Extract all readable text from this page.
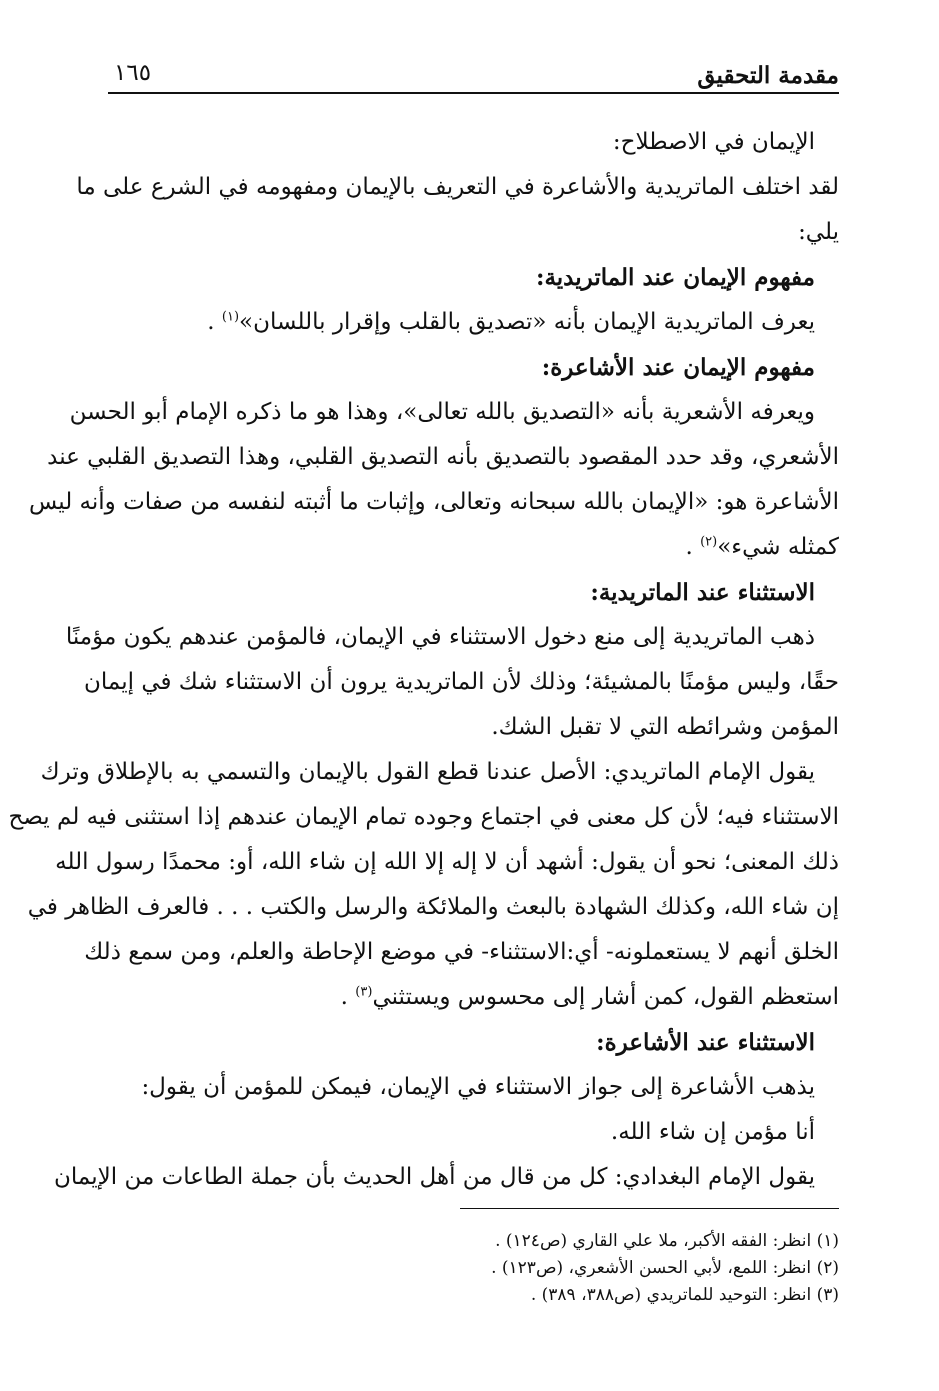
مقدمة التحقيق
١٦٥
الإيمان في الاصطلاح:
لقد اختلف الماتريدية والأشاعرة في التعريف بالإيمان ومفهومه في الشرع على ما
يلي:
مفهوم الإيمان عند الماتريدية:
يعرف الماتريدية الإيمان بأنه «تصديق بالقلب وإقرار باللسان»$^{(١)}$ .
مفهوم الإيمان عند الأشاعرة:
ويعرفه الأشعرية بأنه «التصديق بالله تعالى»، وهذا هو ما ذكره الإمام أبو الحسن
الأشعري، وقد حدد المقصود بالتصديق بأنه التصديق القلبي، وهذا التصديق القلبي عند
الأشاعرة هو: «الإيمان بالله سبحانه وتعالى، وإثبات ما أثبته لنفسه من صفات وأنه ليس
كمثله شيء»$^{(٢)}$ .
الاستثناء عند الماتريدية:
ذهب الماتريدية إلى منع دخول الاستثناء في الإيمان، فالمؤمن عندهم يكون مؤمنًا
حقًا، وليس مؤمنًا بالمشيئة؛ وذلك لأن الماتريدية يرون أن الاستثناء شك في إيمان
المؤمن وشرائطه التي لا تقبل الشك.
يقول الإمام الماتريدي: الأصل عندنا قطع القول بالإيمان والتسمي به بالإطلاق وترك
الاستثناء فيه؛ لأن كل معنى في اجتماع وجوده تمام الإيمان عندهم إذا استثنى فيه لم يصح
ذلك المعنى؛ نحو أن يقول: أشهد أن لا إله إلا الله إن شاء الله، أو: محمدًا رسول الله
إن شاء الله، وكذلك الشهادة بالبعث والملائكة والرسل والكتب . . . فالعرف الظاهر في
الخلق أنهم لا يستعملونه- أي:الاستثناء- في موضع الإحاطة والعلم، ومن سمع ذلك
استعظم القول، كمن أشار إلى محسوس ويستثني$^{(٣)}$ .
الاستثناء عند الأشاعرة:
يذهب الأشاعرة إلى جواز الاستثناء في الإيمان، فيمكن للمؤمن أن يقول:
أنا مؤمن إن شاء الله.
يقول الإمام البغدادي: كل من قال من أهل الحديث بأن جملة الطاعات من الإيمان
(١) انظر: الفقه الأكبر، ملا علي القاري (ص١٢٤) .
(٢) انظر: اللمع، لأبي الحسن الأشعري، (ص١٢٣) .
(٣) انظر: التوحيد للماتريدي (ص٣٨٨، ٣٨٩) .
